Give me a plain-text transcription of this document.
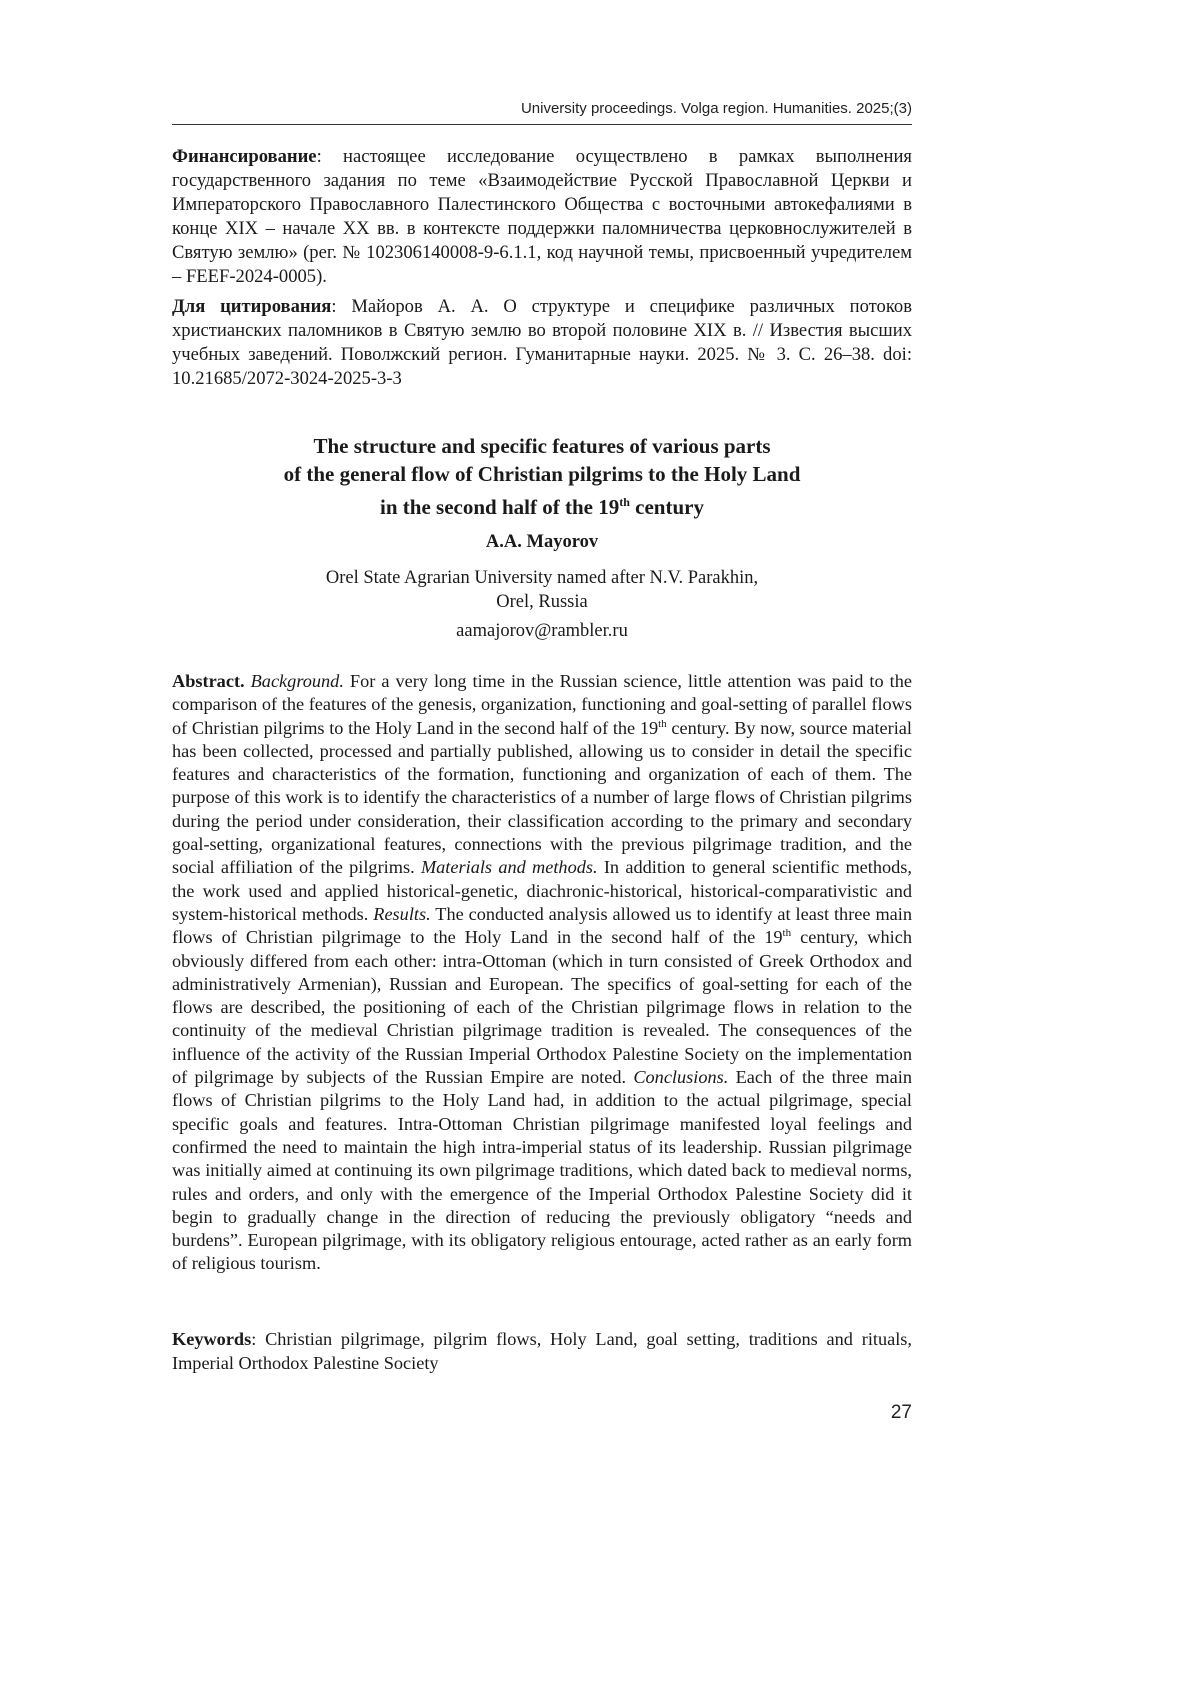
University proceedings. Volga region. Humanities. 2025;(3)
Финансирование: настоящее исследование осуществлено в рамках выполнения государственного задания по теме «Взаимодействие Русской Православной Церкви и Императорского Православного Палестинского Общества с восточными автокефалиями в конце XIX – начале XX вв. в контексте поддержки паломничества церковнослужителей в Святую землю» (рег. № 102306140008-9-6.1.1, код научной темы, присвоенный учредителем – FEEF-2024-0005).
Для цитирования: Майоров А. А. О структуре и специфике различных потоков христианских паломников в Святую землю во второй половине XIX в. // Известия высших учебных заведений. Поволжский регион. Гуманитарные науки. 2025. № 3. С. 26–38. doi: 10.21685/2072-3024-2025-3-3
The structure and specific features of various parts
of the general flow of Christian pilgrims to the Holy Land
in the second half of the 19th century
A.A. Mayorov
Orel State Agrarian University named after N.V. Parakhin,
Orel, Russia
aamajorov@rambler.ru
Abstract. Background. For a very long time in the Russian science, little attention was paid to the comparison of the features of the genesis, organization, functioning and goal-setting of parallel flows of Christian pilgrims to the Holy Land in the second half of the 19th century. By now, source material has been collected, processed and partially published, allowing us to consider in detail the specific features and characteristics of the formation, functioning and organization of each of them. The purpose of this work is to identify the characteristics of a number of large flows of Christian pilgrims during the period under consideration, their classification according to the primary and secondary goal-setting, organizational features, connections with the previous pilgrimage tradition, and the social affiliation of the pilgrims. Materials and methods. In addition to general scientific methods, the work used and applied historical-genetic, diachronic-historical, historical-comparativistic and system-historical methods. Results. The conducted analysis allowed us to identify at least three main flows of Christian pilgrimage to the Holy Land in the second half of the 19th century, which obviously differed from each other: intra-Ottoman (which in turn consisted of Greek Orthodox and administratively Armenian), Russian and European. The specifics of goal-setting for each of the flows are described, the positioning of each of the Christian pilgrimage flows in relation to the continuity of the medieval Christian pilgrimage tradition is revealed. The consequences of the influence of the activity of the Russian Imperial Orthodox Palestine Society on the implementation of pilgrimage by subjects of the Russian Empire are noted. Conclusions. Each of the three main flows of Christian pilgrims to the Holy Land had, in addition to the actual pilgrimage, special specific goals and features. Intra-Ottoman Christian pilgrimage manifested loyal feelings and confirmed the need to maintain the high intra-imperial status of its leadership. Russian pilgrimage was initially aimed at continuing its own pilgrimage traditions, which dated back to medieval norms, rules and orders, and only with the emergence of the Imperial Orthodox Palestine Society did it begin to gradually change in the direction of reducing the previously obligatory “needs and burdens”. European pilgrimage, with its obligatory religious entourage, acted rather as an early form of religious tourism.
Keywords: Christian pilgrimage, pilgrim flows, Holy Land, goal setting, traditions and rituals, Imperial Orthodox Palestine Society
27
